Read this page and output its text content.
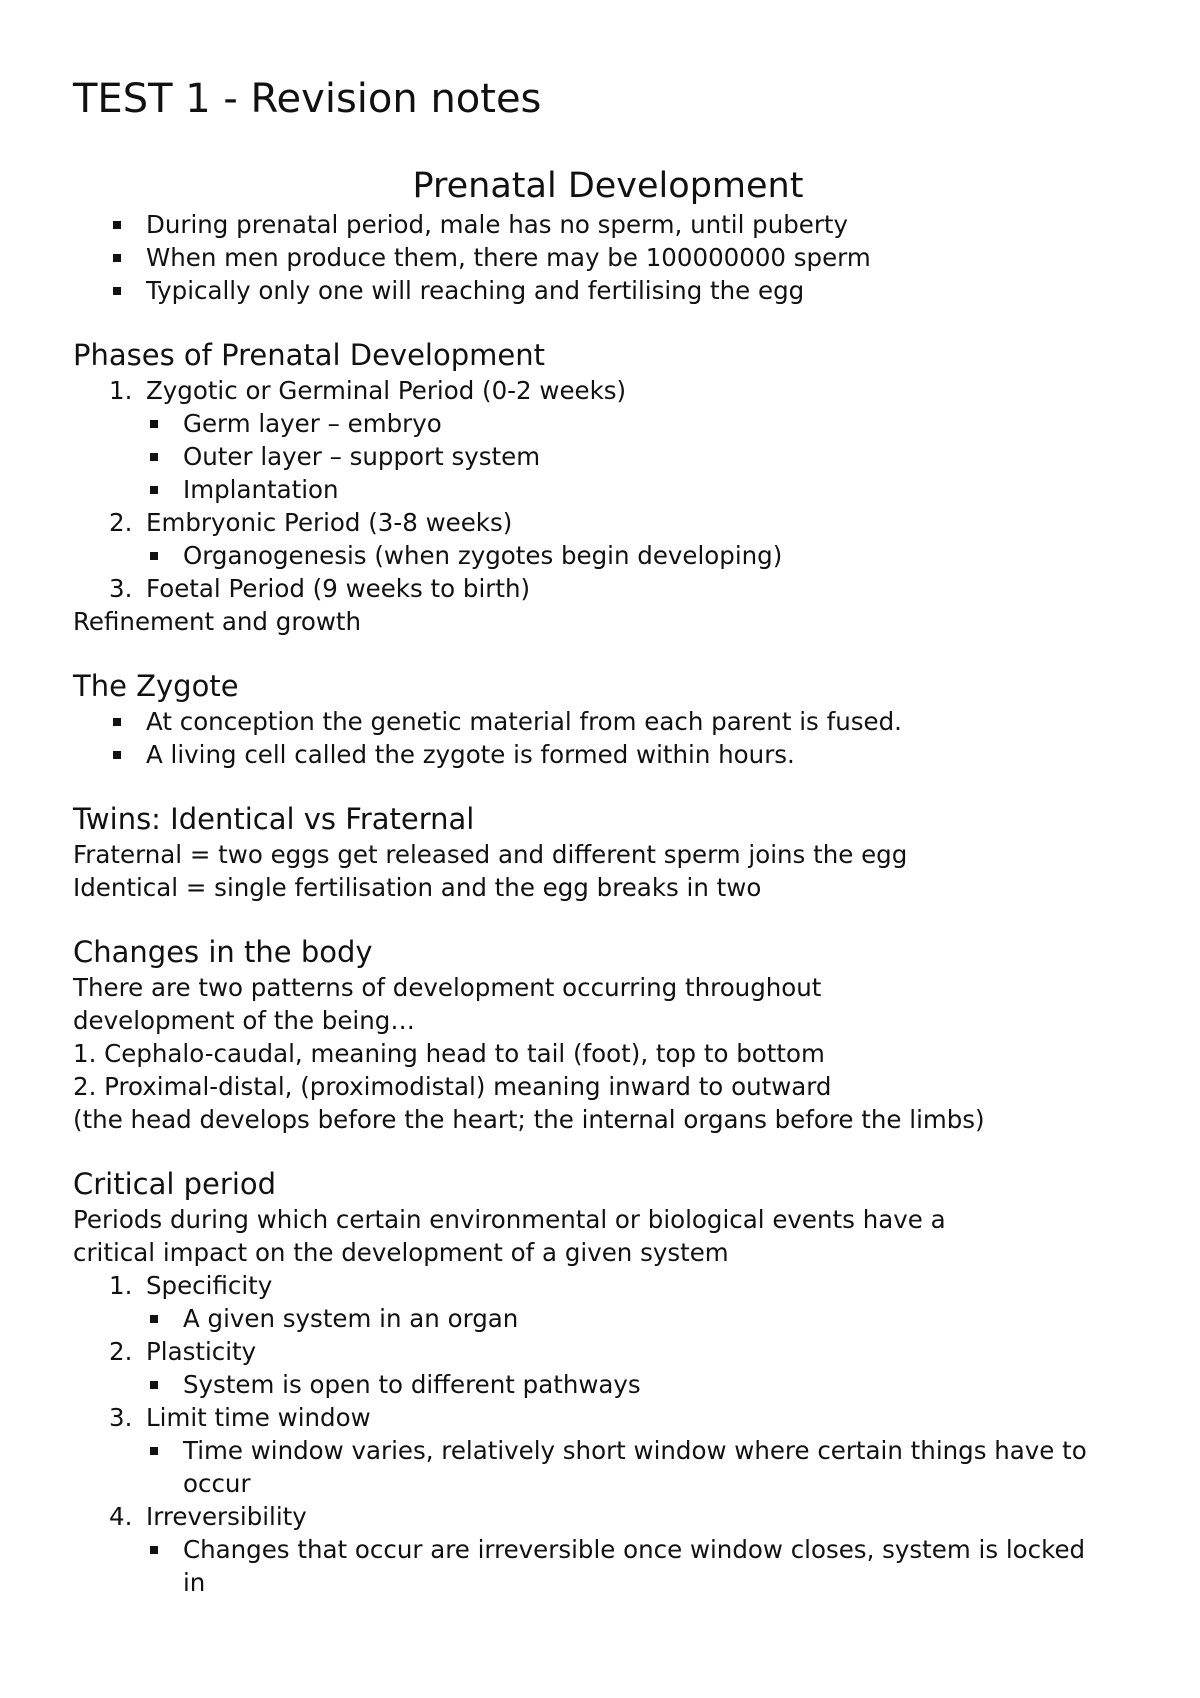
TEST 1 - Revision notes
Prenatal Development
During prenatal period, male has no sperm, until puberty
When men produce them, there may be 100000000 sperm
Typically only one will reaching and fertilising the egg
Phases of Prenatal Development
1. Zygotic or Germinal Period (0-2 weeks)
Germ layer – embryo
Outer layer – support system
Implantation
2. Embryonic Period (3-8 weeks)
Organogenesis (when zygotes begin developing)
3. Foetal Period (9 weeks to birth)

Refinement and growth

The Zygote
At conception the genetic material from each parent is fused.
A living cell called the zygote is formed within hours.
Twins: Identical vs Fraternal

Fraternal = two eggs get released and different sperm joins the egg

Identical = single fertilisation and the egg breaks in two

Changes in the body

There are two patterns of development occurring throughout

development of the being…

1. Cephalo-caudal, meaning head to tail (foot), top to bottom

2. Proximal-distal, (proximodistal) meaning inward to outward

(the head develops before the heart; the internal organs before the limbs)

Critical period

Periods during which certain environmental or biological events have a

critical impact on the development of a given system

1. Specificity
A given system in an organ
2. Plasticity
System is open to different pathways
3. Limit time window
Time window varies, relatively short window where certain things have to occur
4. Irreversibility
Changes that occur are irreversible once window closes, system is locked in
